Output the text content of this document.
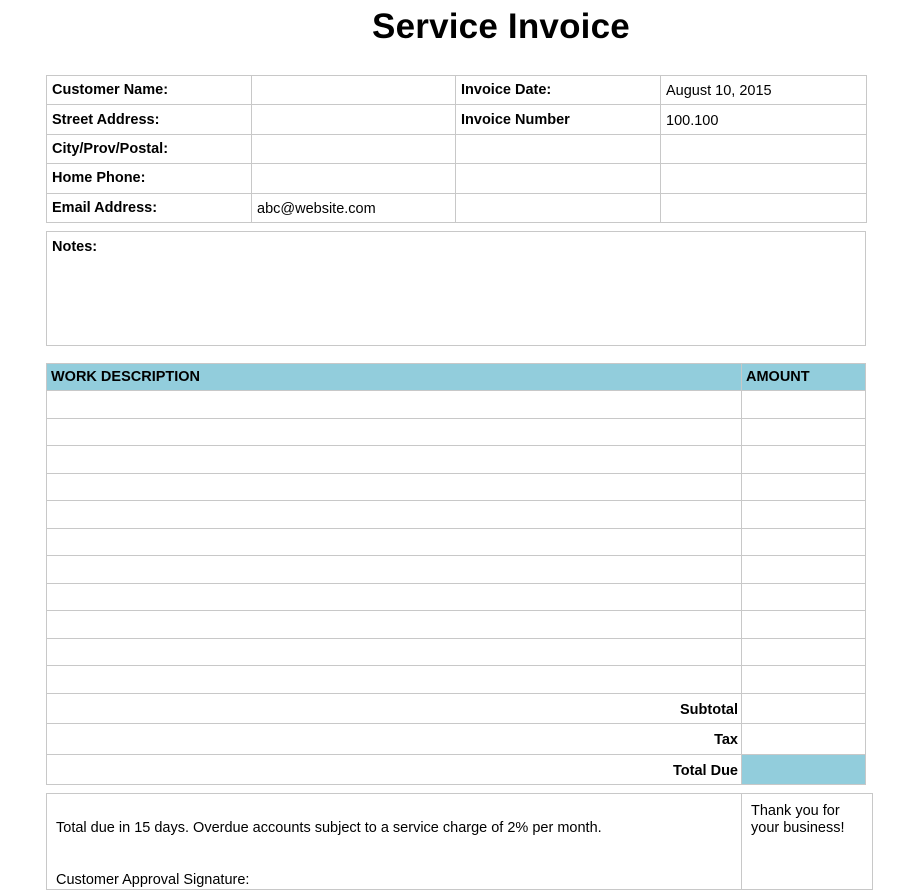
Service Invoice
Customer Name:		Invoice Date:	August 10, 2015
Street Address:		Invoice Number	100.100
City/Prov/Postal:			
Home Phone:			
Email Address:	abc@website.com		
Notes:
WORK DESCRIPTION	AMOUNT

Subtotal	
Tax	
Total Due	
Total due in 15 days. Overdue accounts subject to a service charge of 2% per month.
Customer Approval Signature:
Thank you for your business!
